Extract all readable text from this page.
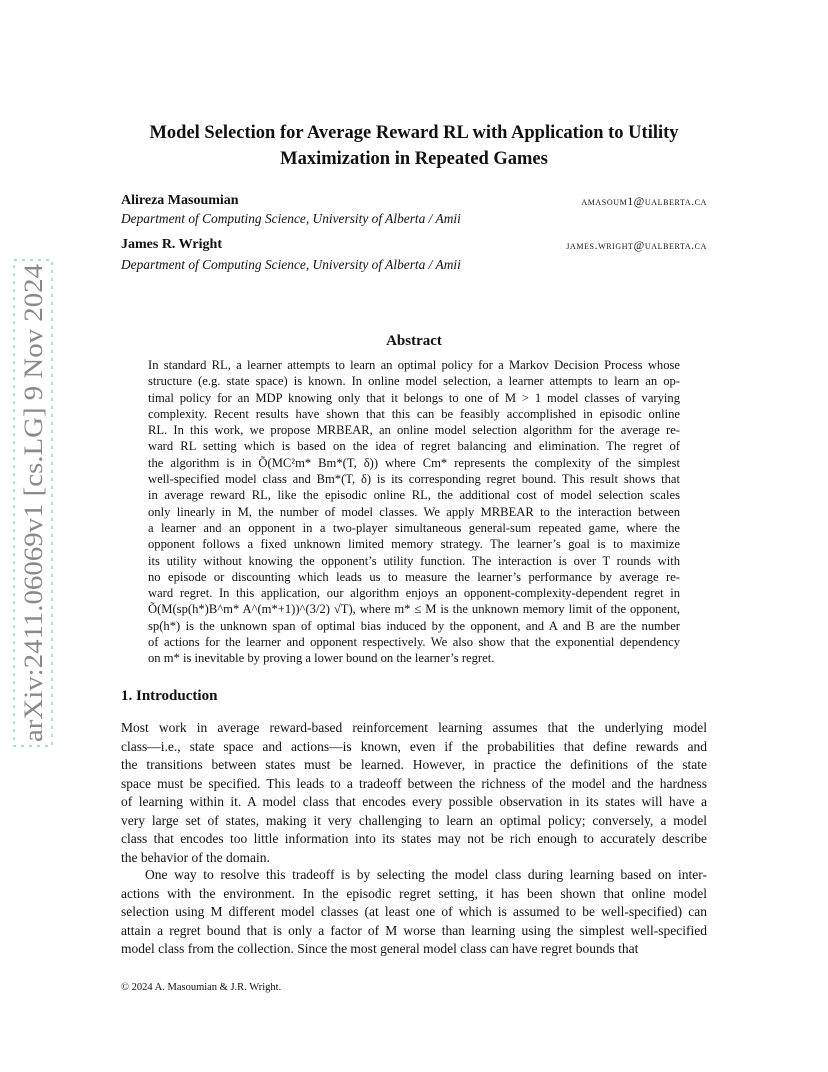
arXiv:2411.06069v1 [cs.LG] 9 Nov 2024
Model Selection for Average Reward RL with Application to Utility
Maximization in Repeated Games
Alireza Masoumian
Department of Computing Science, University of Alberta / Amii
amasoum1@ualberta.ca
James R. Wright
Department of Computing Science, University of Alberta / Amii
james.wright@ualberta.ca
Abstract
In standard RL, a learner attempts to learn an optimal policy for a Markov Decision Process whose
structure (e.g. state space) is known. In online model selection, a learner attempts to learn an op-
timal policy for an MDP knowing only that it belongs to one of M > 1 model classes of varying
complexity. Recent results have shown that this can be feasibly accomplished in episodic online
RL. In this work, we propose MRBEAR, an online model selection algorithm for the average re-
ward RL setting which is based on the idea of regret balancing and elimination. The regret of
the algorithm is in Õ(MC²m* Bm*(T, δ)) where Cm* represents the complexity of the simplest
well-specified model class and Bm*(T, δ) is its corresponding regret bound. This result shows that
in average reward RL, like the episodic online RL, the additional cost of model selection scales
only linearly in M, the number of model classes. We apply MRBEAR to the interaction between
a learner and an opponent in a two-player simultaneous general-sum repeated game, where the
opponent follows a fixed unknown limited memory strategy. The learner’s goal is to maximize
its utility without knowing the opponent’s utility function. The interaction is over T rounds with
no episode or discounting which leads us to measure the learner’s performance by average re-
ward regret. In this application, our algorithm enjoys an opponent-complexity-dependent regret in
Õ(M(sp(h*)B^m* A^(m*+1))^(3/2) √T), where m* ≤ M is the unknown memory limit of the opponent,
sp(h*) is the unknown span of optimal bias induced by the opponent, and A and B are the number
of actions for the learner and opponent respectively. We also show that the exponential dependency
on m* is inevitable by proving a lower bound on the learner’s regret.
1. Introduction
Most work in average reward-based reinforcement learning assumes that the underlying model
class—i.e., state space and actions—is known, even if the probabilities that define rewards and
the transitions between states must be learned. However, in practice the definitions of the state
space must be specified. This leads to a tradeoff between the richness of the model and the hardness
of learning within it. A model class that encodes every possible observation in its states will have a
very large set of states, making it very challenging to learn an optimal policy; conversely, a model
class that encodes too little information into its states may not be rich enough to accurately describe
the behavior of the domain.
One way to resolve this tradeoff is by selecting the model class during learning based on inter-
actions with the environment. In the episodic regret setting, it has been shown that online model
selection using M different model classes (at least one of which is assumed to be well-specified) can
attain a regret bound that is only a factor of M worse than learning using the simplest well-specified
model class from the collection. Since the most general model class can have regret bounds that
© 2024 A. Masoumian & J.R. Wright.
